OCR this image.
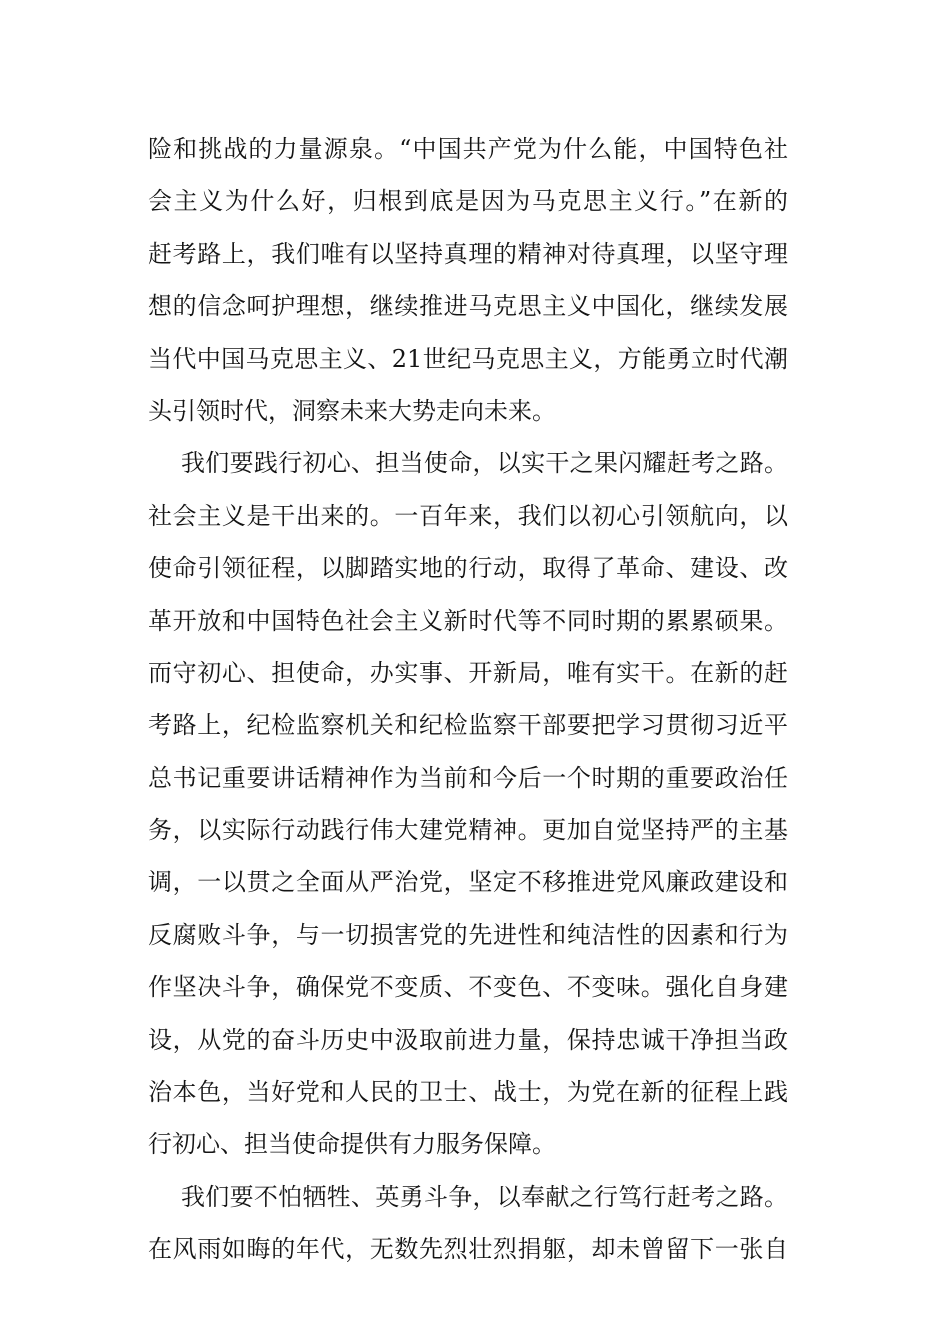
险和挑战的力量源泉。“中国共产党为什么能，中国特色社
会主义为什么好，归根到底是因为马克思主义行。”在新的
赶考路上，我们唯有以坚持真理的精神对待真理，以坚守理
想的信念呵护理想，继续推进马克思主义中国化，继续发展
当代中国马克思主义、21世纪马克思主义，方能勇立时代潮
头引领时代，洞察未来大势走向未来。
我们要践行初心、担当使命，以实干之果闪耀赶考之路。
社会主义是干出来的。一百年来，我们以初心引领航向，以
使命引领征程，以脚踏实地的行动，取得了革命、建设、改
革开放和中国特色社会主义新时代等不同时期的累累硕果。
而守初心、担使命，办实事、开新局，唯有实干。在新的赶
考路上，纪检监察机关和纪检监察干部要把学习贯彻习近平
总书记重要讲话精神作为当前和今后一个时期的重要政治任
务，以实际行动践行伟大建党精神。更加自觉坚持严的主基
调，一以贯之全面从严治党，坚定不移推进党风廉政建设和
反腐败斗争，与一切损害党的先进性和纯洁性的因素和行为
作坚决斗争，确保党不变质、不变色、不变味。强化自身建
设，从党的奋斗历史中汲取前进力量，保持忠诚干净担当政
治本色，当好党和人民的卫士、战士，为党在新的征程上践
行初心、担当使命提供有力服务保障。
我们要不怕牺牲、英勇斗争，以奉献之行笃行赶考之路。
在风雨如晦的年代，无数先烈壮烈捐躯，却未曾留下一张自
